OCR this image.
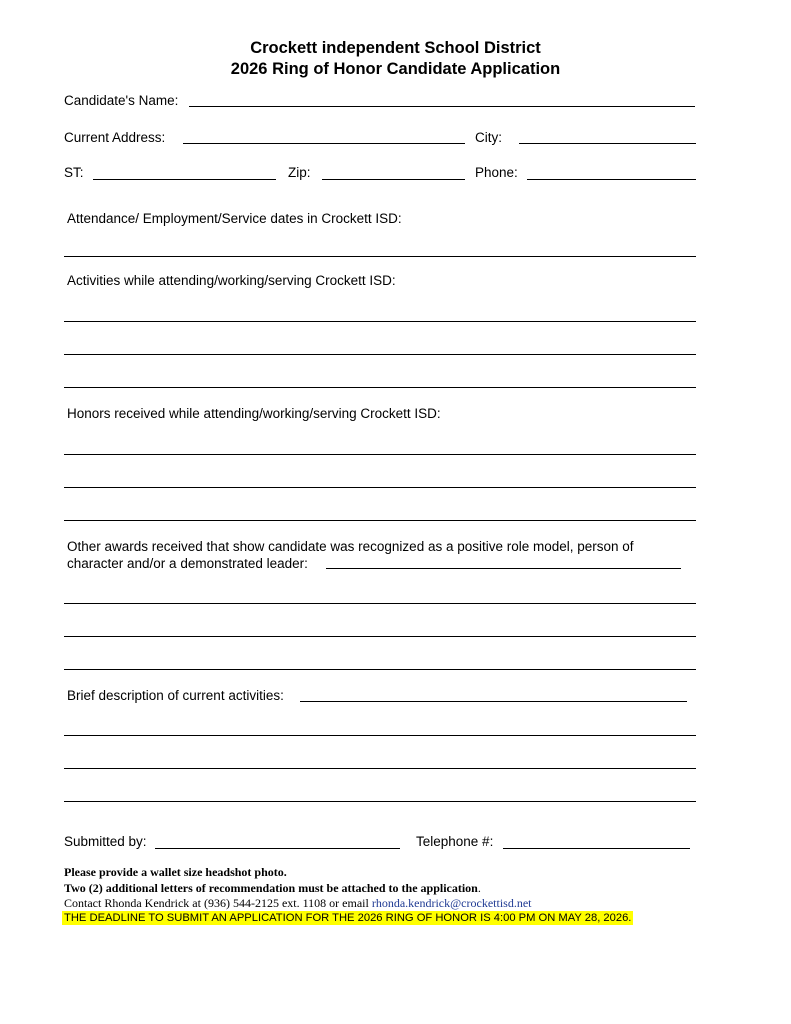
Crockett independent School District
2026 Ring of Honor Candidate Application
Candidate's Name:
Current Address:	City:
ST:	Zip:	Phone:
Attendance/ Employment/Service dates in Crockett ISD:
Activities while attending/working/serving Crockett ISD:
Honors received while attending/working/serving Crockett ISD:
Other awards received that show candidate was recognized as a positive role model, person of
character and/or a demonstrated leader:
Brief description of current activities:
Submitted by:	Telephone #:
Please provide a wallet size headshot photo.
Two (2) additional letters of recommendation must be attached to the application.
Contact Rhonda Kendrick at (936) 544-2125 ext. 1108 or email rhonda.kendrick@crockettisd.net
THE DEADLINE TO SUBMIT AN APPLICATION FOR THE 2026 RING OF HONOR IS 4:00 PM ON MAY 28, 2026.
